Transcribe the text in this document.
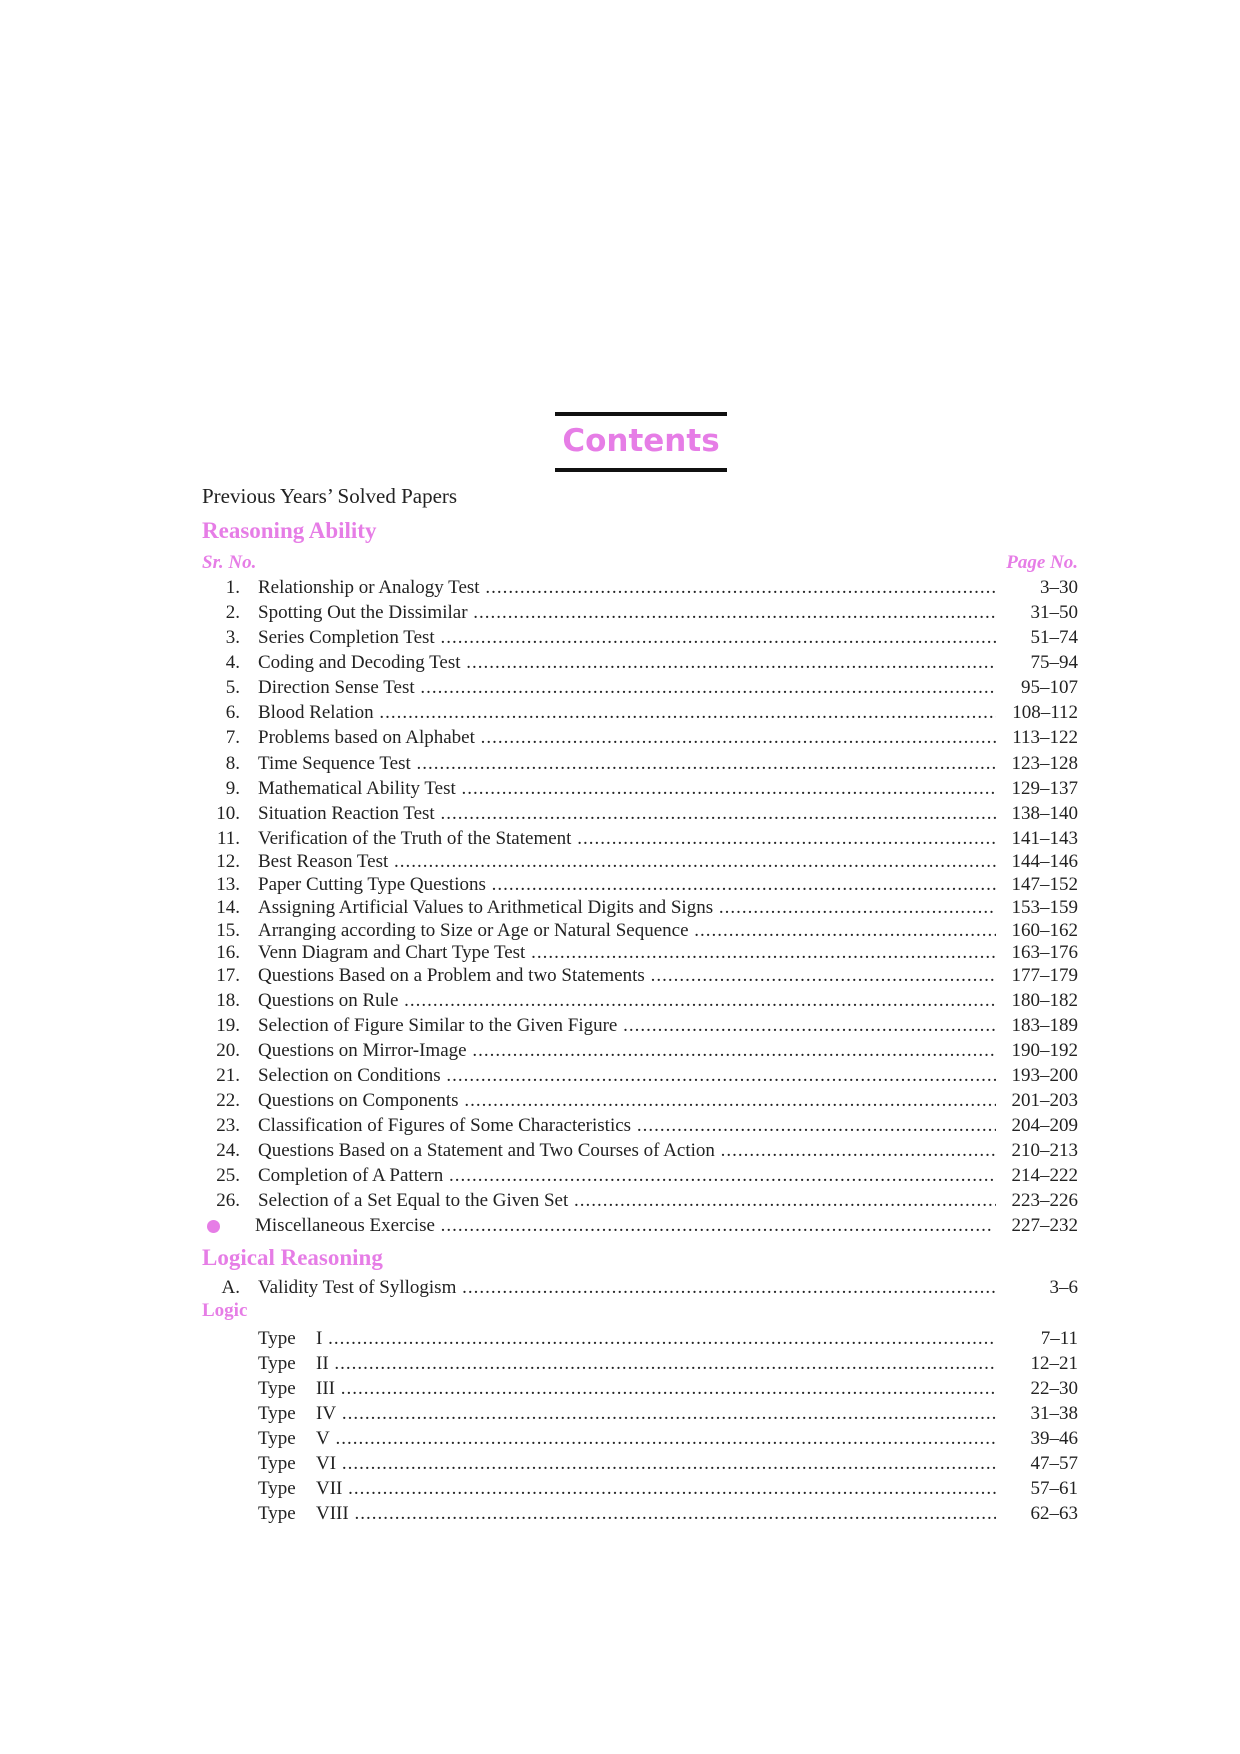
Contents
Previous Years’ Solved Papers
Reasoning Ability
Sr. No.	Page No.
1. Relationship or Analogy Test .....	3–30
2. Spotting Out the Dissimilar .....	31–50
3. Series Completion Test .....	51–74
4. Coding and Decoding Test .....	75–94
5. Direction Sense Test .....	95–107
6. Blood Relation .....	108–112
7. Problems based on Alphabet .....	113–122
8. Time Sequence Test .....	123–128
9. Mathematical Ability Test .....	129–137
10. Situation Reaction Test .....	138–140
11. Verification of the Truth of the Statement .....	141–143
12. Best Reason Test .....	144–146
13. Paper Cutting Type Questions .....	147–152
14. Assigning Artificial Values to Arithmetical Digits and Signs .....	153–159
15. Arranging according to Size or Age or Natural Sequence .....	160–162
16. Venn Diagram and Chart Type Test .....	163–176
17. Questions Based on a Problem and two Statements .....	177–179
18. Questions on Rule .....	180–182
19. Selection of Figure Similar to the Given Figure .....	183–189
20. Questions on Mirror-Image .....	190–192
21. Selection on Conditions .....	193–200
22. Questions on Components .....	201–203
23. Classification of Figures of Some Characteristics .....	204–209
24. Questions Based on a Statement and Two Courses of Action .....	210–213
25. Completion of A Pattern .....	214–222
26. Selection of a Set Equal to the Given Set .....	223–226
Miscellaneous Exercise .....	227–232
Logical Reasoning
A. Validity Test of Syllogism .....	3–6
Logic
Type I .....	7–11
Type II .....	12–21
Type III .....	22–30
Type IV .....	31–38
Type V .....	39–46
Type VI .....	47–57
Type VII .....	57–61
Type VIII .....	62–63
